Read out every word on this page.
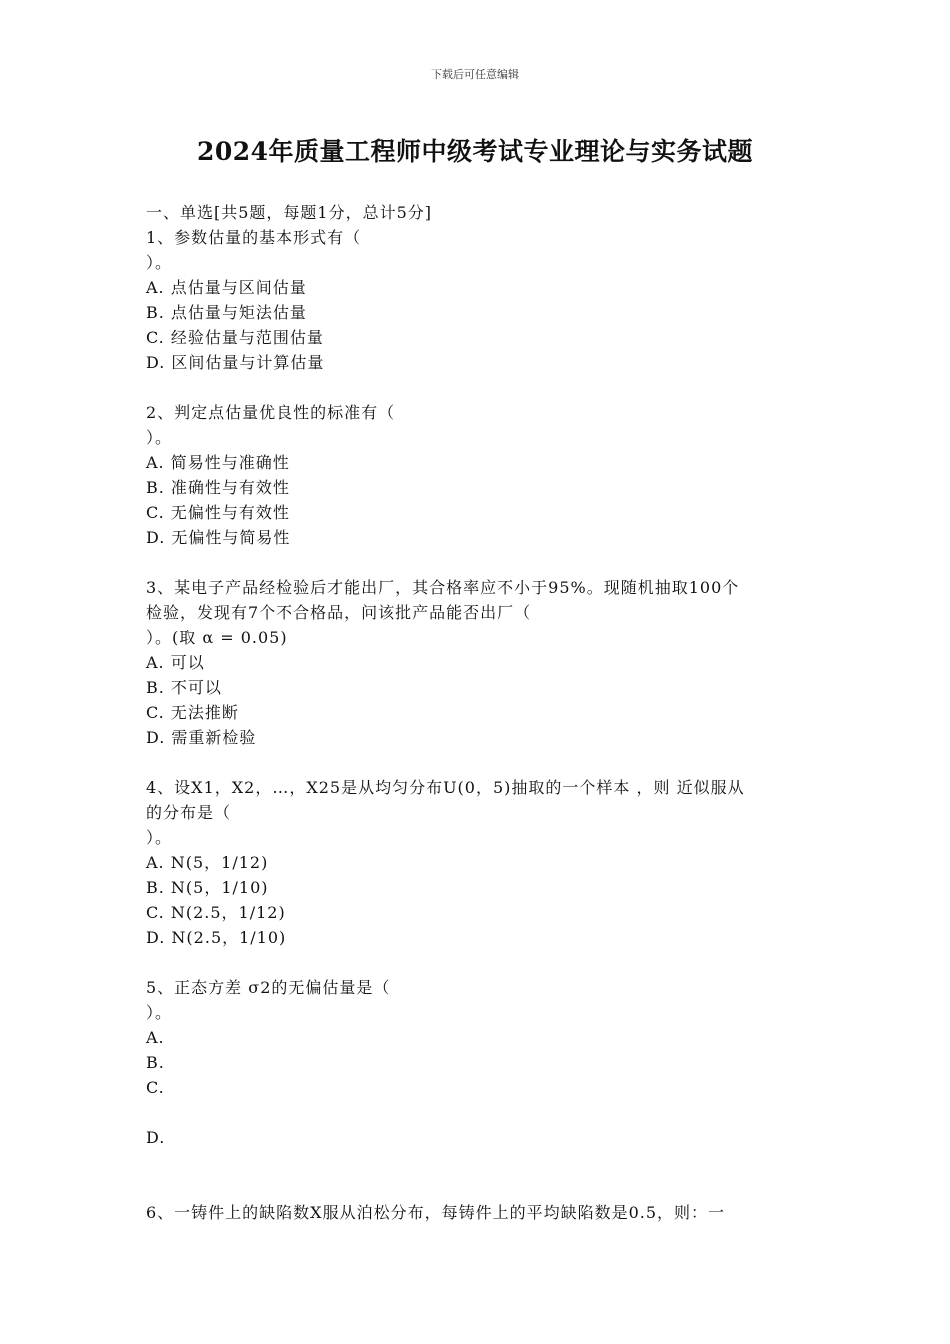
下载后可任意编辑
2024年质量工程师中级考试专业理论与实务试题
一、单选[共5题，每题1分，总计5分]
1、参数估量的基本形式有（
）。
A. 点估量与区间估量
B. 点估量与矩法估量
C. 经验估量与范围估量
D. 区间估量与计算估量
2、判定点估量优良性的标准有（
）。
A. 简易性与准确性
B. 准确性与有效性
C. 无偏性与有效性
D. 无偏性与简易性
3、某电子产品经检验后才能出厂，其合格率应不小于95%。现随机抽取100个
检验，发现有7个不合格品，问该批产品能否出厂（
）。(取 α = 0.05)
A. 可以
B. 不可以
C. 无法推断
D. 需重新检验
4、设X1，X2，…，X25是从均匀分布U(0，5)抽取的一个样本 ，则 近似服从
的分布是（
）。
A. N(5，1/12)
B. N(5，1/10)
C. N(2.5，1/12)
D. N(2.5，1/10)
5、正态方差 σ2的无偏估量是（
）。
A.
B.
C.
D.
6、一铸件上的缺陷数X服从泊松分布，每铸件上的平均缺陷数是0.5，则：一
